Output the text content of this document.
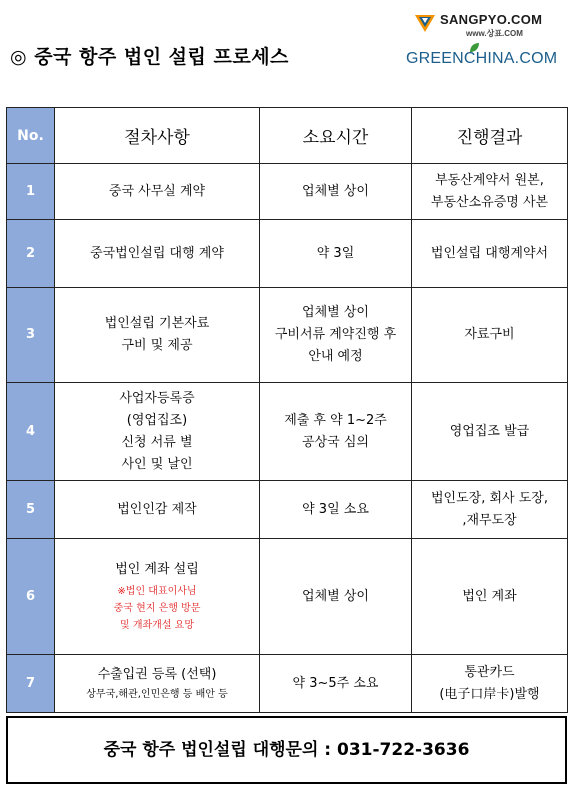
◎ 중국 항주 법인 설립 프로세스
SANGPYO.COM
www.상표.COM
GREENCHINA.COM
No.	절차사항	소요시간	진행결과
1	중국 사무실 계약	업체별 상이	부동산계약서 원본,
부동산소유증명 사본

2	중국법인설립 대행 계약	약 3일	법인설립 대행계약서

3	법인설립 기본자료
구비 및 제공	업체별 상이
구비서류 계약진행 후
안내 예정	자료구비

4	사업자등록증
(영업집조)
신청 서류 별
사인 및 날인	제출 후 약 1~2주
공상국 심의	영업집조 발급

5	법인인감 제작	약 3일 소요	법인도장, 회사 도장,
,재무도장

6	법인 계좌 설립
※법인 대표이사님
중국 현지 은행 방문
및 개좌개설 요망	업체별 상이	법인 계좌

7	수출입권 등록 (선택)
상무국,해관,인민은행 등 배안 등	약 3~5주 소요	통관카드
(电子口岸卡)발행
중국 항주 법인설립 대행문의 : 031-722-3636
